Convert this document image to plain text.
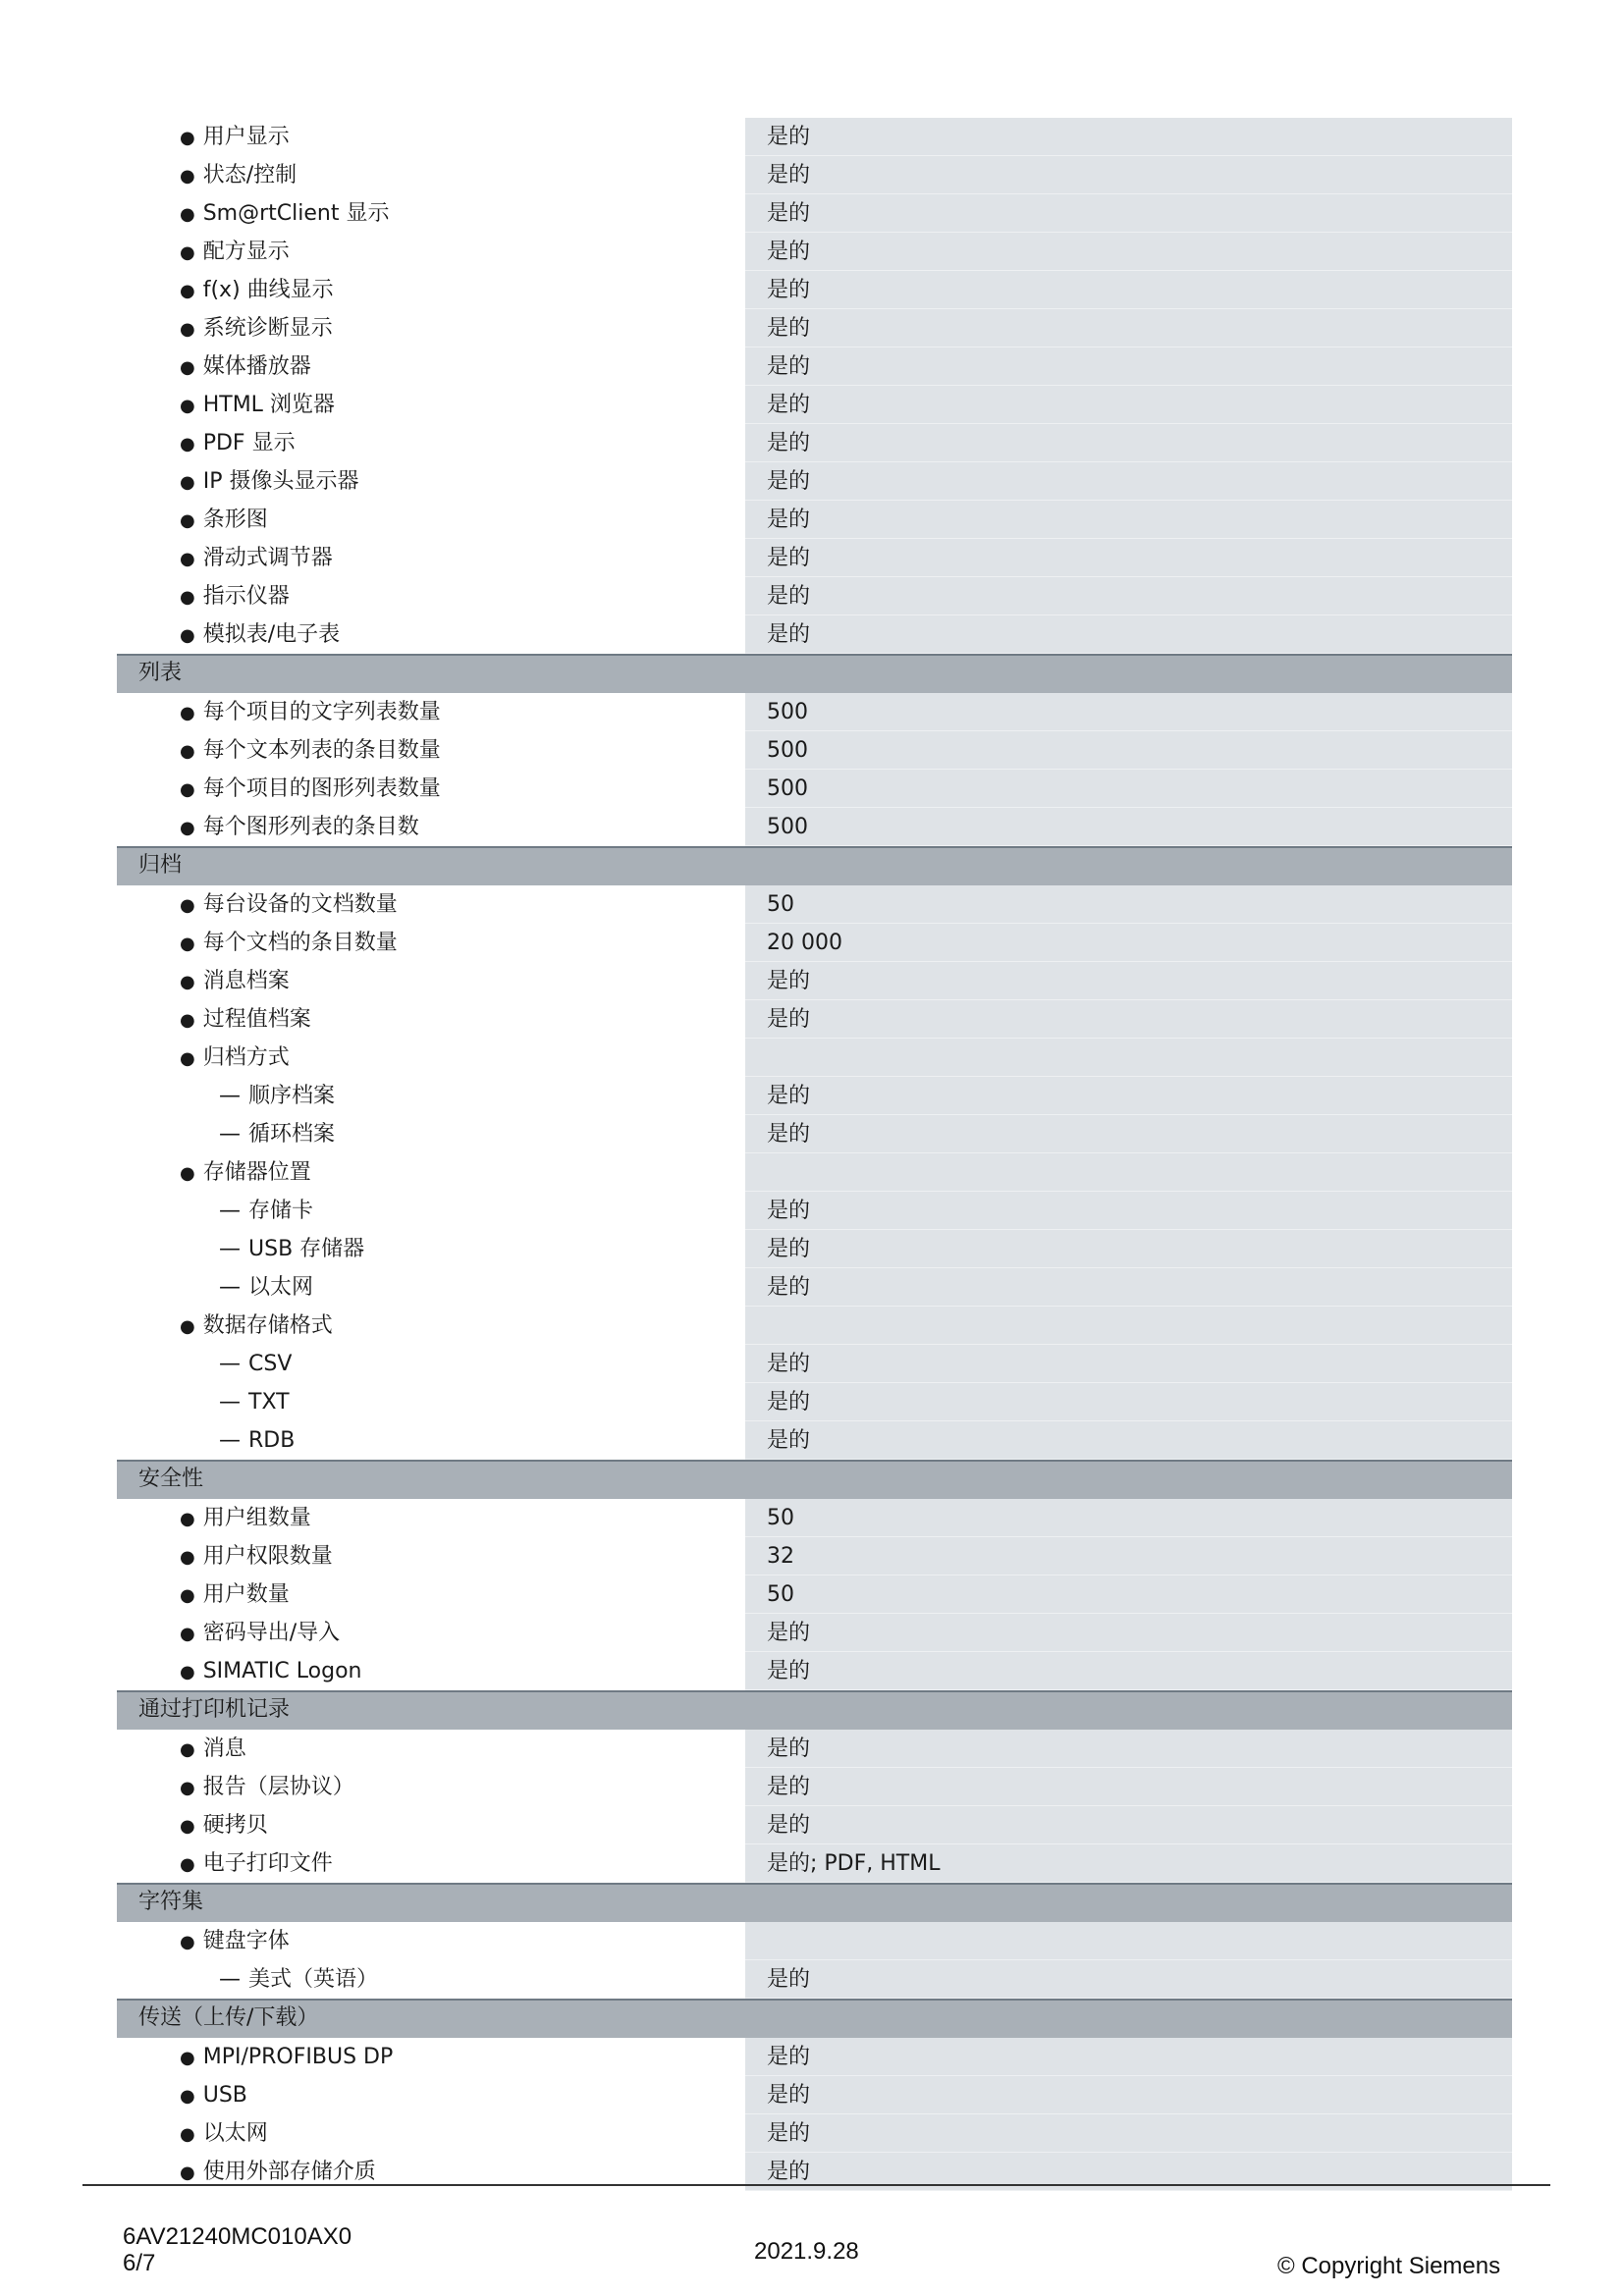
● 用户显示	是的
● 状态/控制	是的
● Sm@rtClient 显示	是的
● 配方显示	是的
● f(x) 曲线显示	是的
● 系统诊断显示	是的
● 媒体播放器	是的
● HTML 浏览器	是的
● PDF 显示	是的
● IP 摄像头显示器	是的
● 条形图	是的
● 滑动式调节器	是的
● 指示仪器	是的
● 模拟表/电子表	是的
列表
● 每个项目的文字列表数量	500
● 每个文本列表的条目数量	500
● 每个项目的图形列表数量	500
● 每个图形列表的条目数	500
归档
● 每台设备的文档数量	50
● 每个文档的条目数量	20 000
● 消息档案	是的
● 过程值档案	是的
● 归档方式
— 顺序档案	是的
— 循环档案	是的
● 存储器位置
— 存储卡	是的
— USB 存储器	是的
— 以太网	是的
● 数据存储格式
— CSV	是的
— TXT	是的
— RDB	是的
安全性
● 用户组数量	50
● 用户权限数量	32
● 用户数量	50
● 密码导出/导入	是的
● SIMATIC Logon	是的
通过打印机记录
● 消息	是的
● 报告（层协议）	是的
● 硬拷贝	是的
● 电子打印文件	是的; PDF, HTML
字符集
● 键盘字体
— 美式（英语）	是的
传送（上传/下载）
● MPI/PROFIBUS DP	是的
● USB	是的
● 以太网	是的
● 使用外部存储介质	是的
6AV21240MC010AX0
6/7	2021.9.28
© Copyright Siemens
